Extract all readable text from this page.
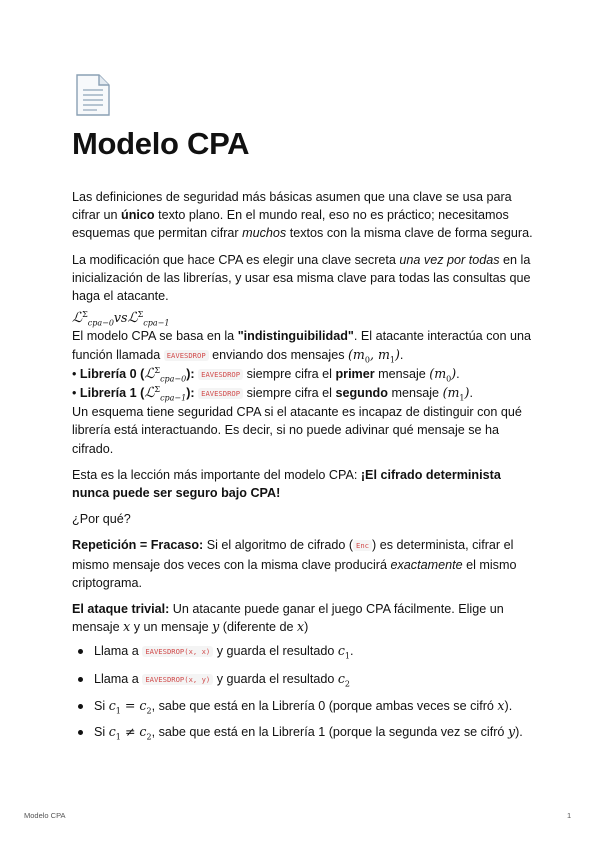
Modelo CPA

Las definiciones de seguridad más básicas asumen que una clave se usa para cifrar un único texto plano. En el mundo real, eso no es práctico; necesitamos esquemas que permitan cifrar muchos textos con la misma clave de forma segura.

La modificación que hace CPA es elegir una clave secreta una vez por todas en la inicialización de las librerías, y usar esa misma clave para todas las consultas que haga el atacante.

ℒ$^\Sigma_{cpa-0}$vsℒ$^\Sigma_{cpa-1}$
El modelo CPA se basa en la "indistinguibilidad". El atacante interactúa con una función llamada EAVESDROP enviando dos mensajes ($m_0$, $m_1$).
• Librería 0 (ℒ$^\Sigma_{cpa-0}$): EAVESDROP siempre cifra el primer mensaje $(m_0)$.
• Librería 1 (ℒ$^\Sigma_{cpa-1}$): EAVESDROP siempre cifra el segundo mensaje $(m_1)$.

Un esquema tiene seguridad CPA si el atacante es incapaz de distinguir con qué librería está interactuando. Es decir, si no puede adivinar qué mensaje se ha cifrado.

Esta es la lección más importante del modelo CPA: ¡El cifrado determinista nunca puede ser seguro bajo CPA!

¿Por qué?

Repetición = Fracaso: Si el algoritmo de cifrado ( Enc ) es determinista, cifrar el mismo mensaje dos veces con la misma clave producirá exactamente el mismo criptograma.

El ataque trivial: Un atacante puede ganar el juego CPA fácilmente. Elige un mensaje x y un mensaje y (diferente de x)

Llama a EAVESDROP(x, x) y guarda el resultado $c_1$.
Llama a EAVESDROP(x, y) y guarda el resultado $c_2$
Si $c_1 = c_2$, sabe que está en la Librería 0 (porque ambas veces se cifró x).
Si $c_1 \ne c_2$, sabe que está en la Librería 1 (porque la segunda vez se cifró y).
Modelo CPA	1
